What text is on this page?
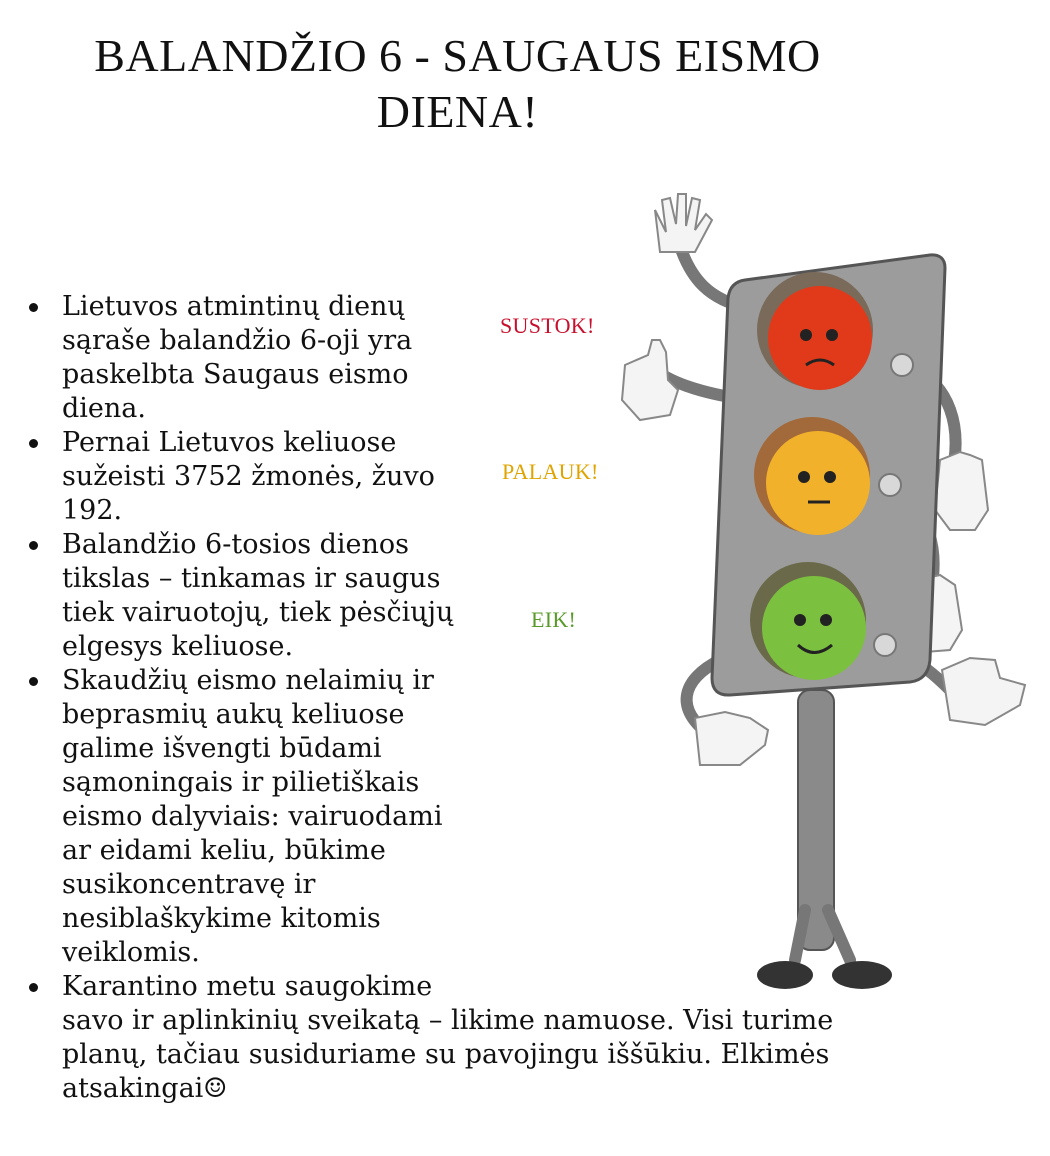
BALANDŽIO 6 - SAUGAUS EISMO
DIENA!
Lietuvos atmintinų dienų sąraše balandžio 6-oji yra paskelbta Saugaus eismo diena.
Pernai Lietuvos keliuose sužeisti 3752 žmonės, žuvo 192.
Balandžio 6-tosios dienos tikslas – tinkamas ir saugus tiek vairuotojų, tiek pėsčiųjų elgesys keliuose.
Skaudžių eismo nelaimių ir beprasmių aukų keliuose galime išvengti būdami sąmoningais ir pilietiškais eismo dalyviais: vairuodami ar eidami keliu, būkime susikoncentravę ir nesiblaškykime kitomis veiklomis.
Karantino metu saugokime
savo ir aplinkinių sveikatą – likime namuose. Visi turime planų, tačiau susiduriame su pavojingu iššūkiu. Elkimės atsakingai☺
SUSTOK!
PALAUK!
EIK!
